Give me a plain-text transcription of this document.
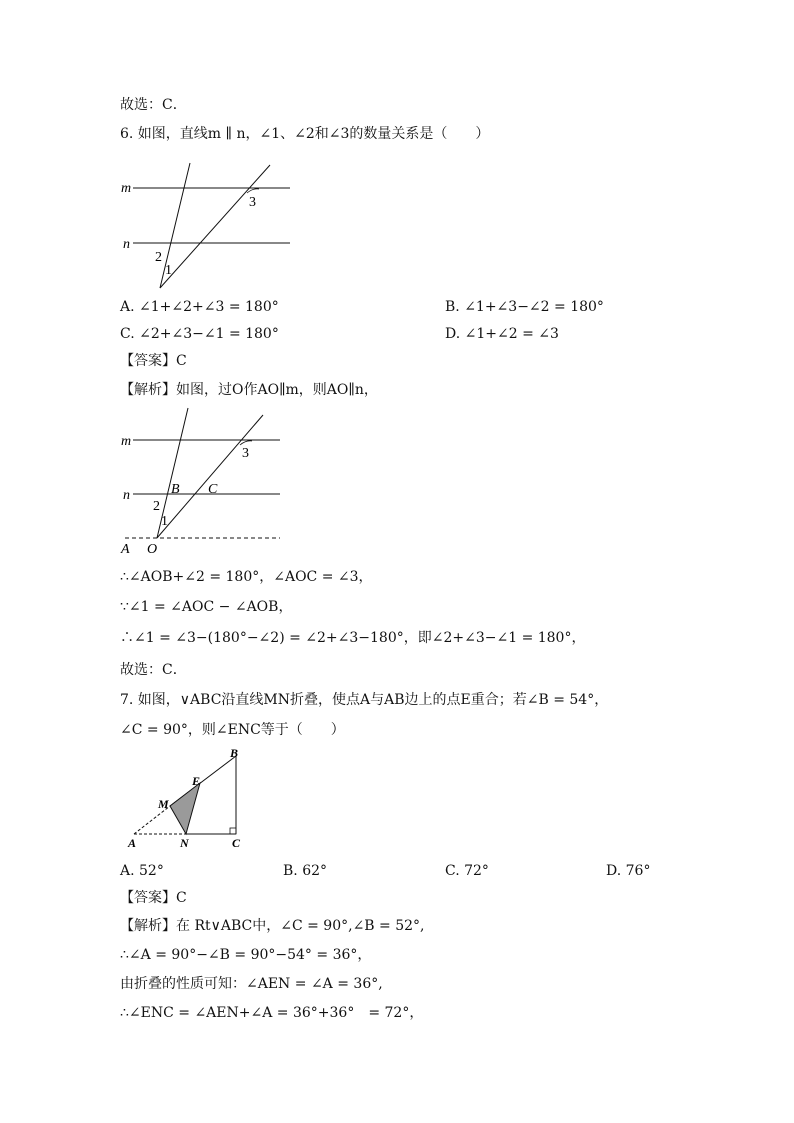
故选：C．
6. 如图，直线m ∥ n，∠1、∠2和∠3的数量关系是（　　）
m
n
2
1
3
A. ∠1+∠2+∠3 = 180°	B. ∠1+∠3−∠2 = 180°
C. ∠2+∠3−∠1 = 180°	D. ∠1+∠2 = ∠3
【答案】C
【解析】如图，过O作AO∥m，则AO∥n，
m
n	B C
2
1
3
A O
∴∠AOB+∠2 = 180°，∠AOC = ∠3，
∵∠1 = ∠AOC − ∠AOB，
∴∠1 = ∠3−(180°−∠2) = ∠2+∠3−180°，即∠2+∠3−∠1 = 180°，
故选：C．
7. 如图，∨ABC沿直线MN折叠，使点A与AB边上的点E重合；若∠B = 54°，
∠C = 90°，则∠ENC等于（　　）
B
E
M
A	N	C
A. 52°	B. 62°	C. 72°	D. 76°
【答案】C
【解析】在 Rt∨ABC中，∠C = 90°,∠B = 52°,
∴∠A = 90°−∠B = 90°−54° = 36°，
由折叠的性质可知：∠AEN = ∠A = 36°,
∴∠ENC = ∠AEN+∠A = 36°+36°　= 72°，
